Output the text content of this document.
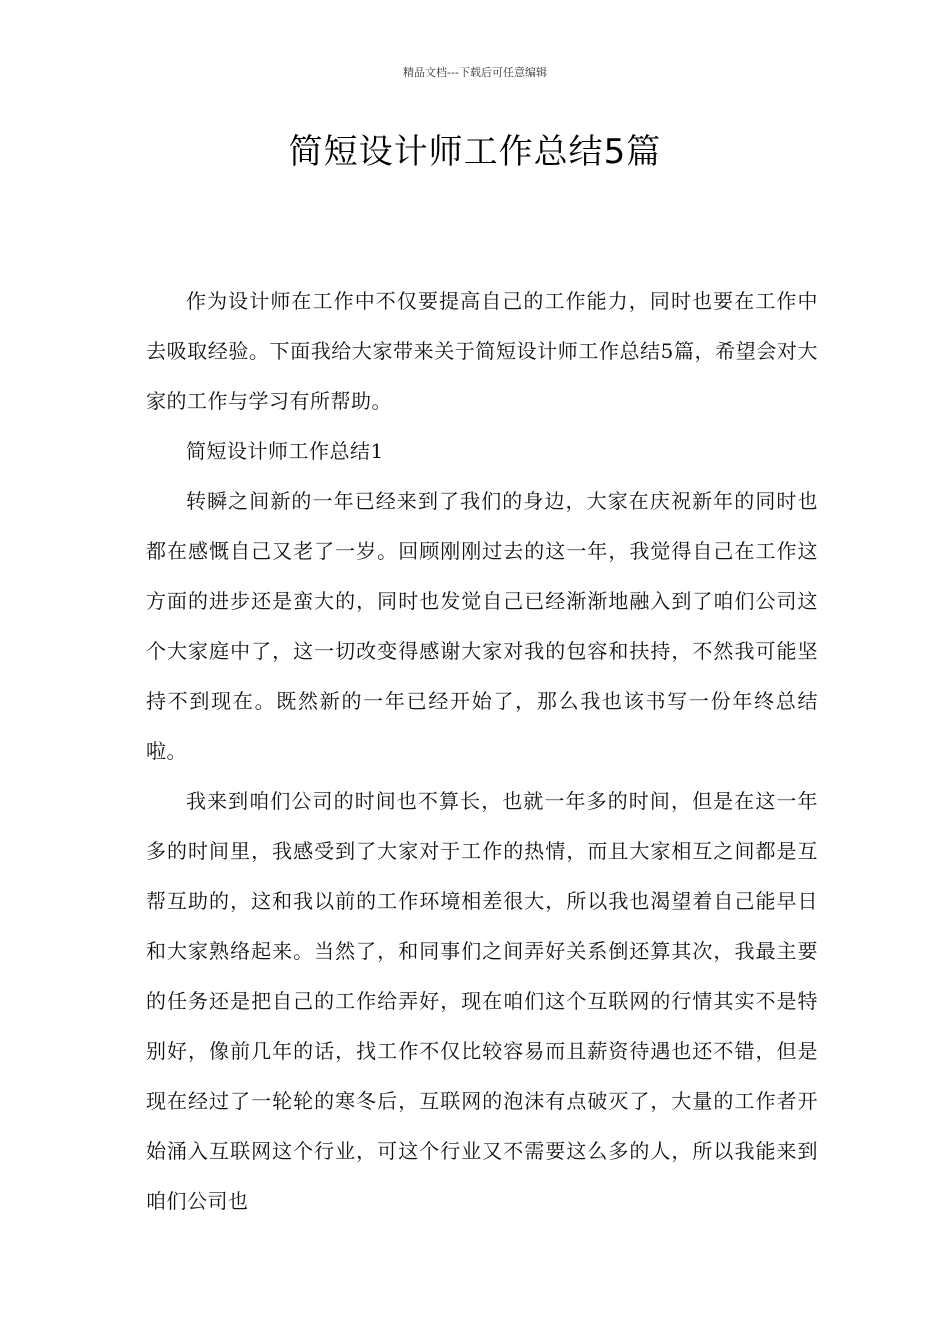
精品文档---下载后可任意编辑
简短设计师工作总结5篇

作为设计师在工作中不仅要提高自己的工作能力，同时也要在工作中去吸取经验。下面我给大家带来关于简短设计师工作总结5篇，希望会对大家的工作与学习有所帮助。

简短设计师工作总结1

转瞬之间新的一年已经来到了我们的身边，大家在庆祝新年的同时也都在感慨自己又老了一岁。回顾刚刚过去的这一年，我觉得自己在工作这方面的进步还是蛮大的，同时也发觉自己已经渐渐地融入到了咱们公司这个大家庭中了，这一切改变得感谢大家对我的包容和扶持，不然我可能坚持不到现在。既然新的一年已经开始了，那么我也该书写一份年终总结啦。

我来到咱们公司的时间也不算长，也就一年多的时间，但是在这一年多的时间里，我感受到了大家对于工作的热情，而且大家相互之间都是互帮互助的，这和我以前的工作环境相差很大，所以我也渴望着自己能早日和大家熟络起来。当然了，和同事们之间弄好关系倒还算其次，我最主要的任务还是把自己的工作给弄好，现在咱们这个互联网的行情其实不是特别好，像前几年的话，找工作不仅比较容易而且薪资待遇也还不错，但是现在经过了一轮轮的寒冬后，互联网的泡沫有点破灭了，大量的工作者开始涌入互联网这个行业，可这个行业又不需要这么多的人，所以我能来到咱们公司也
